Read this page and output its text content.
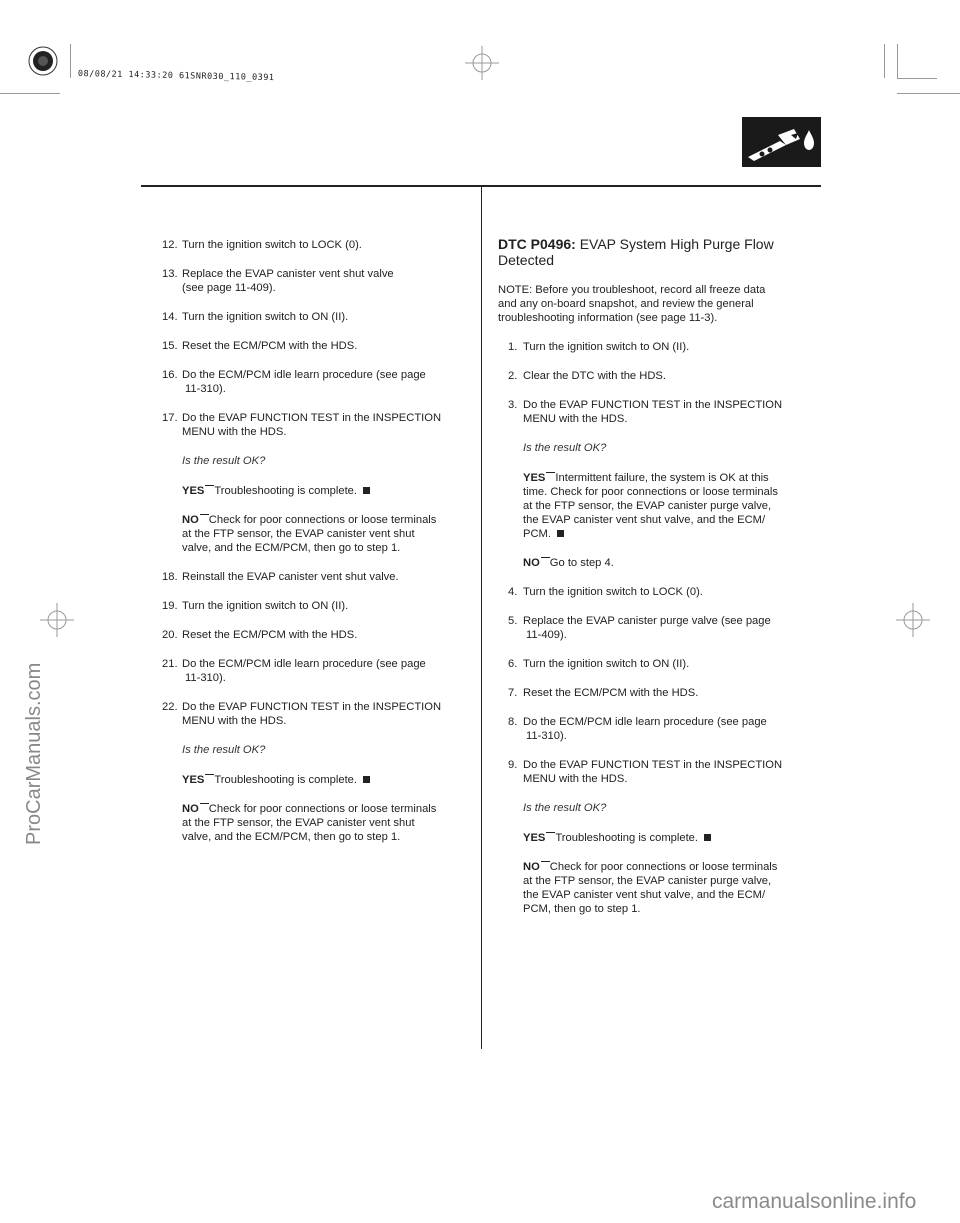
08/08/21 14:33:20 61SNR030_110_0391
12. Turn the ignition switch to LOCK (0).
13. Replace the EVAP canister vent shut valve
(see page 11-409).
14. Turn the ignition switch to ON (II).
15. Reset the ECM/PCM with the HDS.
16. Do the ECM/PCM idle learn procedure (see page
11-310).
17. Do the EVAP FUNCTION TEST in the INSPECTION
MENU with the HDS.
Is the result OK?
YES Troubleshooting is complete.
NO Check for poor connections or loose terminals
at the FTP sensor, the EVAP canister vent shut
valve, and the ECM/PCM, then go to step 1.
18. Reinstall the EVAP canister vent shut valve.
19. Turn the ignition switch to ON (II).
20. Reset the ECM/PCM with the HDS.
21. Do the ECM/PCM idle learn procedure (see page
11-310).
22. Do the EVAP FUNCTION TEST in the INSPECTION
MENU with the HDS.
Is the result OK?
YES Troubleshooting is complete.
NO Check for poor connections or loose terminals
at the FTP sensor, the EVAP canister vent shut
valve, and the ECM/PCM, then go to step 1.
DTC P0496: EVAP System High Purge Flow
Detected
NOTE: Before you troubleshoot, record all freeze data
and any on-board snapshot, and review the general
troubleshooting information (see page 11-3).
1. Turn the ignition switch to ON (II).
2. Clear the DTC with the HDS.
3. Do the EVAP FUNCTION TEST in the INSPECTION
MENU with the HDS.
Is the result OK?
YES Intermittent failure, the system is OK at this
time. Check for poor connections or loose terminals
at the FTP sensor, the EVAP canister purge valve,
the EVAP canister vent shut valve, and the ECM/
PCM.
NO Go to step 4.
4. Turn the ignition switch to LOCK (0).
5. Replace the EVAP canister purge valve (see page
11-409).
6. Turn the ignition switch to ON (II).
7. Reset the ECM/PCM with the HDS.
8. Do the ECM/PCM idle learn procedure (see page
11-310).
9. Do the EVAP FUNCTION TEST in the INSPECTION
MENU with the HDS.
Is the result OK?
YES Troubleshooting is complete.
NO Check for poor connections or loose terminals
at the FTP sensor, the EVAP canister purge valve,
the EVAP canister vent shut valve, and the ECM/
PCM, then go to step 1.
ProCarManuals.com
carmanualsonline.info
